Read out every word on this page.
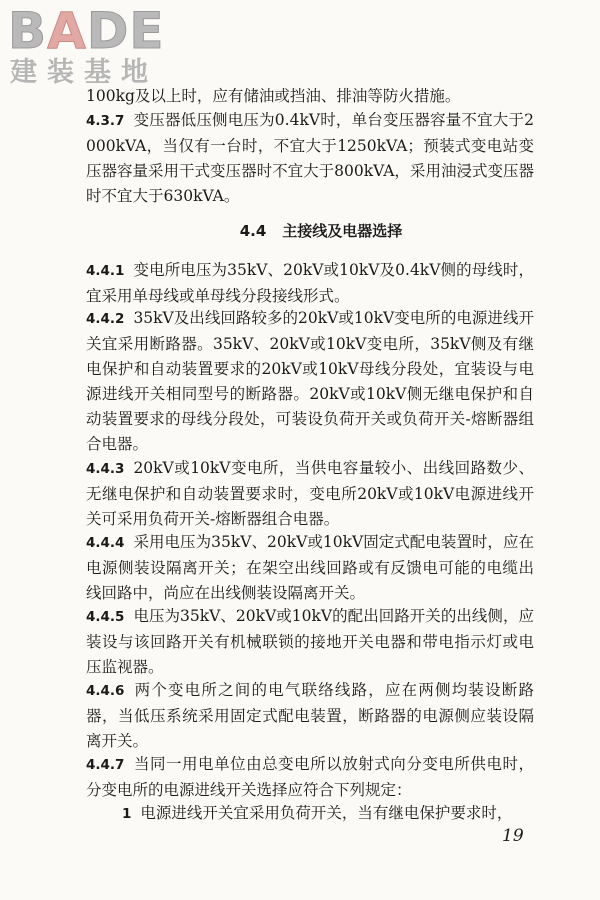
BADE
建装基地
100kg及以上时，应有储油或挡油、排油等防火措施。
4.3.7 变压器低压侧电压为0.4kV时，单台变压器容量不宜大于2000kVA，当仅有一台时，不宜大于1250kVA；预装式变电站变压器容量采用干式变压器时不宜大于800kVA，采用油浸式变压器时不宜大于630kVA。
4.4 主接线及电器选择
4.4.1 变电所电压为35kV、20kV或10kV及0.4kV侧的母线时，宜采用单母线或单母线分段接线形式。
4.4.2 35kV及出线回路较多的20kV或10kV变电所的电源进线开关宜采用断路器。35kV、20kV或10kV变电所，35kV侧及有继电保护和自动装置要求的20kV或10kV母线分段处，宜装设与电源进线开关相同型号的断路器。20kV或10kV侧无继电保护和自动装置要求的母线分段处，可装设负荷开关或负荷开关-熔断器组合电器。
4.4.3 20kV或10kV变电所，当供电容量较小、出线回路数少、无继电保护和自动装置要求时，变电所20kV或10kV电源进线开关可采用负荷开关-熔断器组合电器。
4.4.4 采用电压为35kV、20kV或10kV固定式配电装置时，应在电源侧装设隔离开关；在架空出线回路或有反馈电可能的电缆出线回路中，尚应在出线侧装设隔离开关。
4.4.5 电压为35kV、20kV或10kV的配出回路开关的出线侧，应装设与该回路开关有机械联锁的接地开关电器和带电指示灯或电压监视器。
4.4.6 两个变电所之间的电气联络线路，应在两侧均装设断路器，当低压系统采用固定式配电装置，断路器的电源侧应装设隔离开关。
4.4.7 当同一用电单位由总变电所以放射式向分变电所供电时，分变电所的电源进线开关选择应符合下列规定：
1 电源进线开关宜采用负荷开关，当有继电保护要求时，
19
